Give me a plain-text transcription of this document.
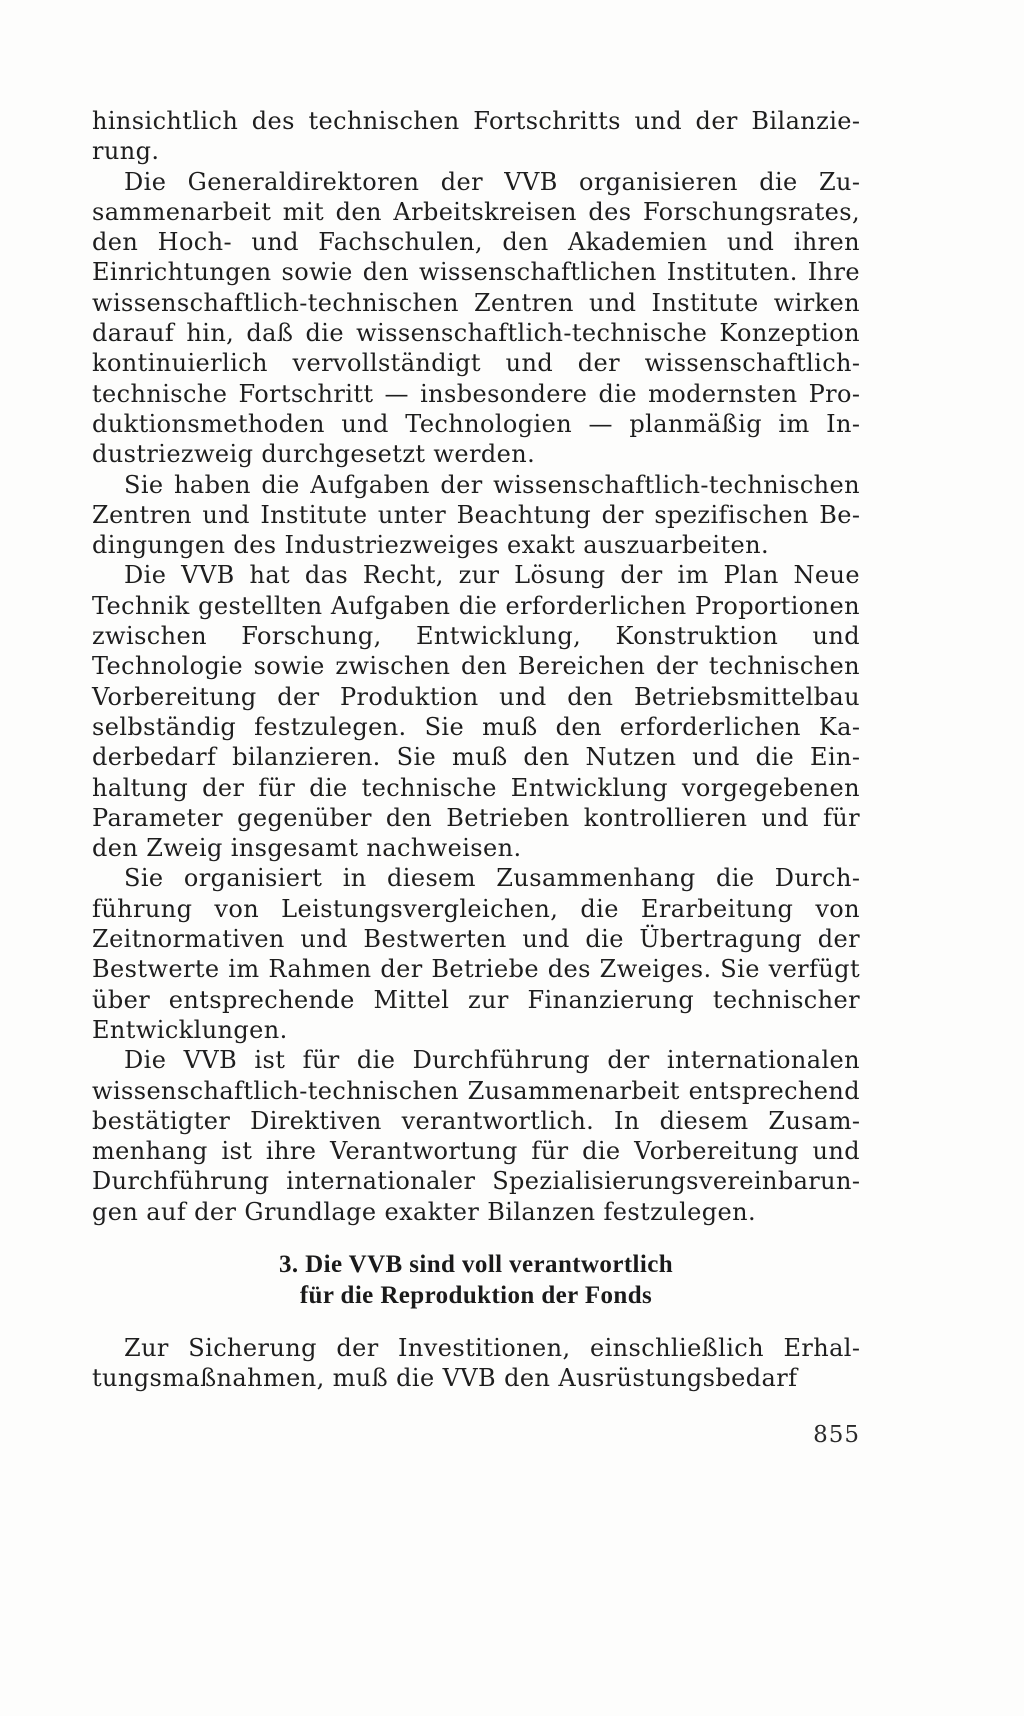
hinsichtlich des technischen Fortschritts und der Bilanzierung.

Die Generaldirektoren der VVB organisieren die Zusammenarbeit mit den Arbeitskreisen des Forschungsrates, den Hoch- und Fachschulen, den Akademien und ihren Einrichtungen sowie den wissenschaftlichen Instituten. Ihre wissenschaftlich-technischen Zentren und Institute wirken darauf hin, daß die wissenschaftlich-technische Konzeption kontinuierlich vervollständigt und der wissenschaftlichtechnische Fortschritt — insbesondere die modernsten Produktionsmethoden und Technologien — planmäßig im Industriezweig durchgesetzt werden.

Sie haben die Aufgaben der wissenschaftlich-technischen Zentren und Institute unter Beachtung der spezifischen Bedingungen des Industriezweiges exakt auszuarbeiten.

Die VVB hat das Recht, zur Lösung der im Plan Neue Technik gestellten Aufgaben die erforderlichen Proportionen zwischen Forschung, Entwicklung, Konstruktion und Technologie sowie zwischen den Bereichen der technischen Vorbereitung der Produktion und den Betriebsmittelbau selbständig festzulegen. Sie muß den erforderlichen Kaderbedarf bilanzieren. Sie muß den Nutzen und die Einhaltung der für die technische Entwicklung vorgegebenen Parameter gegenüber den Betrieben kontrollieren und für den Zweig insgesamt nachweisen.

Sie organisiert in diesem Zusammenhang die Durchführung von Leistungsvergleichen, die Erarbeitung von Zeitnormativen und Bestwerten und die Übertragung der Bestwerte im Rahmen der Betriebe des Zweiges. Sie verfügt über entsprechende Mittel zur Finanzierung technischer Entwicklungen.

Die VVB ist für die Durchführung der internationalen wissenschaftlich-technischen Zusammenarbeit entsprechend bestätigter Direktiven verantwortlich. In diesem Zusammenhang ist ihre Verantwortung für die Vorbereitung und Durchführung internationaler Spezialisierungsvereinbarungen auf der Grundlage exakter Bilanzen festzulegen.

3. Die VVB sind voll verantwortlich
für die Reproduktion der Fonds

Zur Sicherung der Investitionen, einschließlich Erhaltungsmaßnahmen, muß die VVB den Ausrüstungsbedarf

855
